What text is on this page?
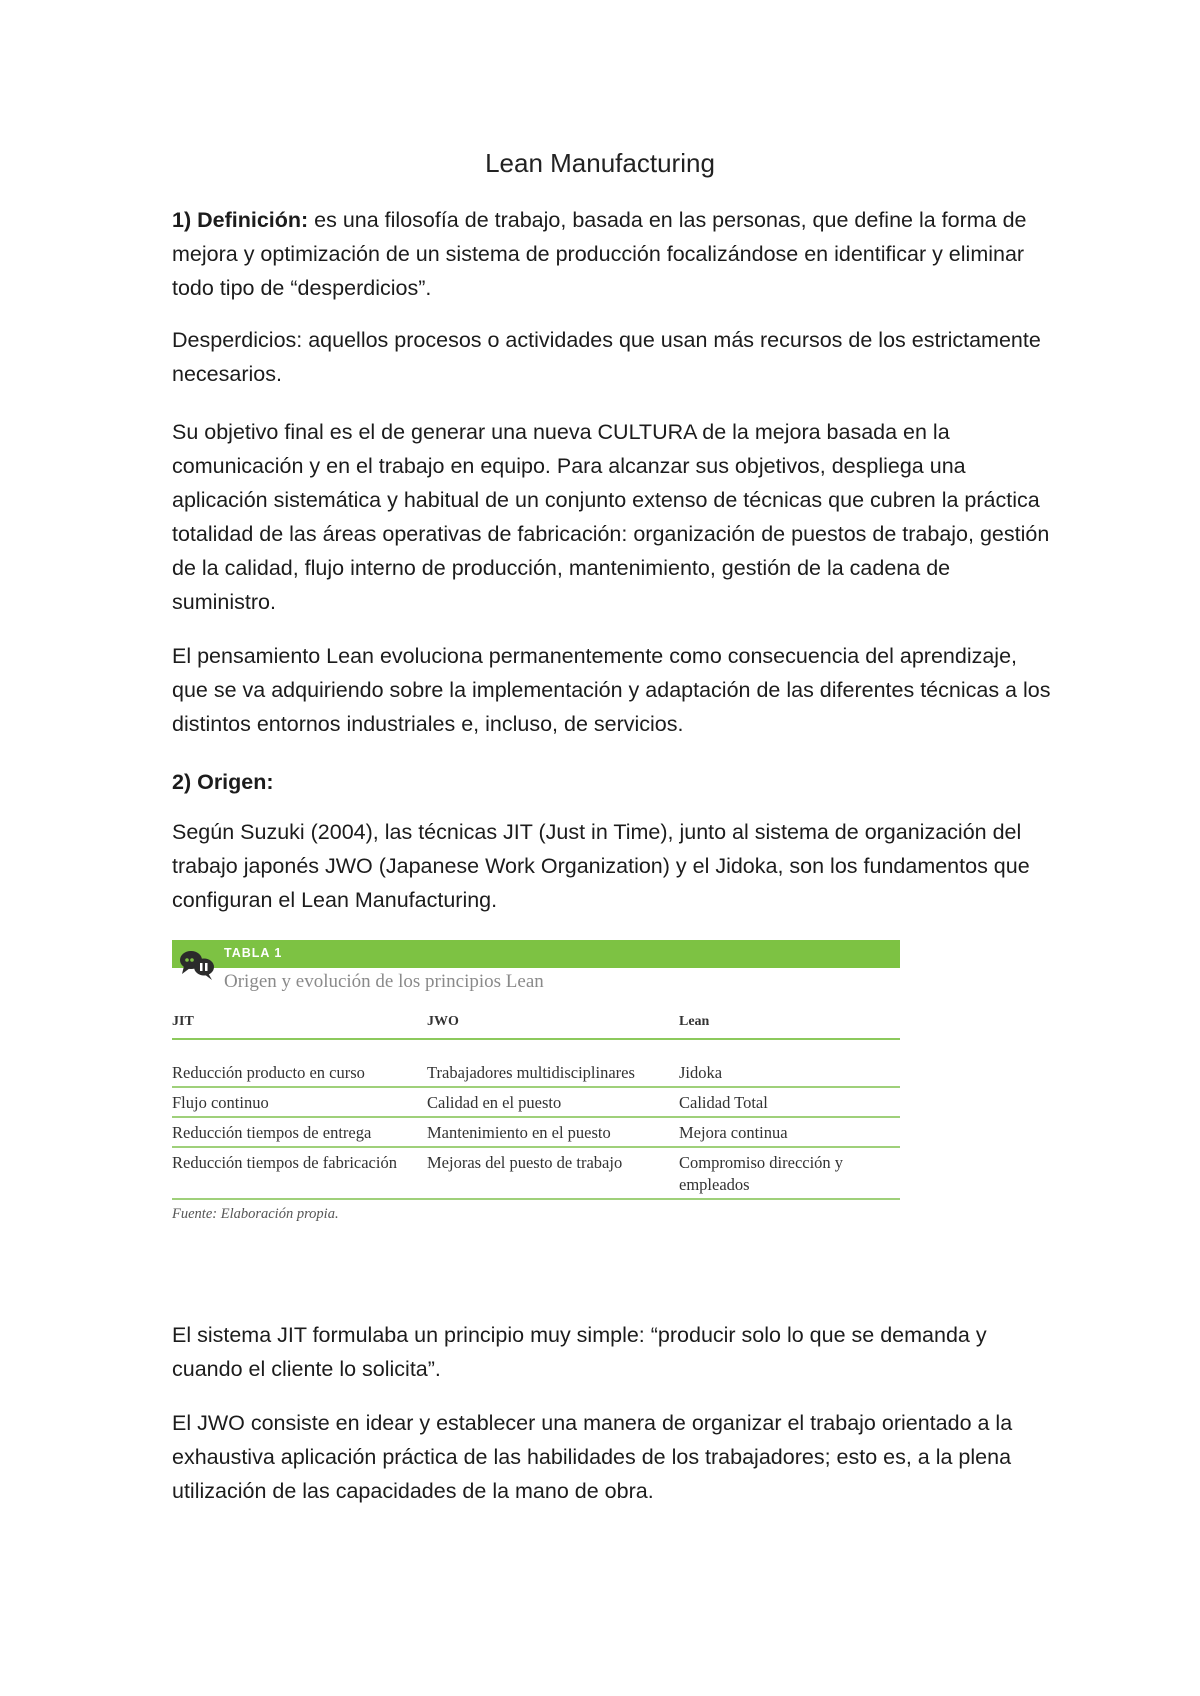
Lean Manufacturing
1) Definición: es una filosofía de trabajo, basada en las personas, que define la forma de mejora y optimización de un sistema de producción focalizándose en identificar y eliminar todo tipo de “desperdicios”.
Desperdicios: aquellos procesos o actividades que usan más recursos de los estrictamente necesarios.
Su objetivo final es el de generar una nueva CULTURA de la mejora basada en la comunicación y en el trabajo en equipo. Para alcanzar sus objetivos, despliega una aplicación sistemática y habitual de un conjunto extenso de técnicas que cubren la práctica totalidad de las áreas operativas de fabricación: organización de puestos de trabajo, gestión de la calidad, flujo interno de producción, mantenimiento, gestión de la cadena de suministro.
El pensamiento Lean evoluciona permanentemente como consecuencia del aprendizaje, que se va adquiriendo sobre la implementación y adaptación de las diferentes técnicas a los distintos entornos industriales e, incluso, de servicios.
2) Origen:
Según Suzuki (2004), las técnicas JIT (Just in Time), junto al sistema de organización del trabajo japonés JWO (Japanese Work Organization) y el Jidoka, son los fundamentos que configuran el Lean Manufacturing.
TABLA 1
Origen y evolución de los principios Lean
JIT	JWO	Lean
Reducción producto en curso	Trabajadores multidisciplinares	Jidoka
Flujo continuo	Calidad en el puesto	Calidad Total
Reducción tiempos de entrega	Mantenimiento en el puesto	Mejora continua
Reducción tiempos de fabricación	Mejoras del puesto de trabajo	Compromiso dirección y empleados
Fuente: Elaboración propia.
El sistema JIT formulaba un principio muy simple: “producir solo lo que se demanda y cuando el cliente lo solicita”.
El JWO consiste en idear y establecer una manera de organizar el trabajo orientado a la exhaustiva aplicación práctica de las habilidades de los trabajadores; esto es, a la plena utilización de las capacidades de la mano de obra.
